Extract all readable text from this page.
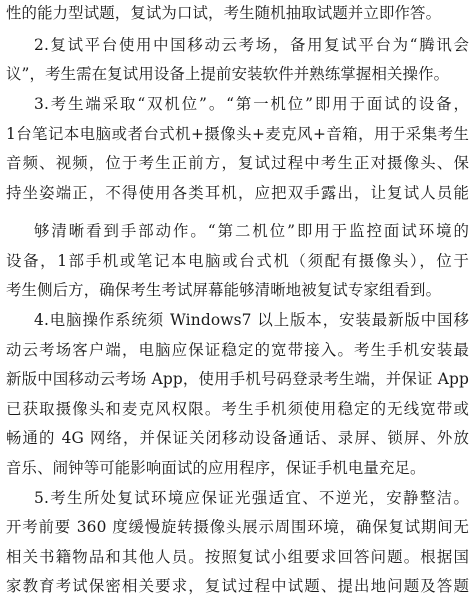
性的能力型试题，复试为口试，考生随机抽取试题并立即作答。
2.复试平台使用中国移动云考场，备用复试平台为“腾讯会
议”，考生需在复试用设备上提前安装软件并熟练掌握相关操作。
3.考生端采取“双机位”。“第一机位”即用于面试的设备，
1台笔记本电脑或者台式机+摄像头+麦克风+音箱，用于采集考生
音频、视频，位于考生正前方，复试过程中考生正对摄像头、保
持坐姿端正，不得使用各类耳机，应把双手露出，让复试人员能
够清晰看到手部动作。“第二机位”即用于监控面试环境的
设备，1部手机或笔记本电脑或台式机（须配有摄像头），位于
考生侧后方，确保考生考试屏幕能够清晰地被复试专家组看到。
4.电脑操作系统须 Windows7 以上版本，安装最新版中国移
动云考场客户端，电脑应保证稳定的宽带接入。考生手机安装最
新版中国移动云考场 App，使用手机号码登录考生端，并保证 App
已获取摄像头和麦克风权限。考生手机须使用稳定的无线宽带或
畅通的 4G 网络，并保证关闭移动设备通话、录屏、锁屏、外放
音乐、闹钟等可能影响面试的应用程序，保证手机电量充足。
5.考生所处复试环境应保证光强适宜、不逆光，安静整洁。
开考前要 360 度缓慢旋转摄像头展示周围环境，确保复试期间无
相关书籍物品和其他人员。按照复试小组要求回答问题。根据国
家教育考试保密相关要求，复试过程中试题、提出地问题及答题
